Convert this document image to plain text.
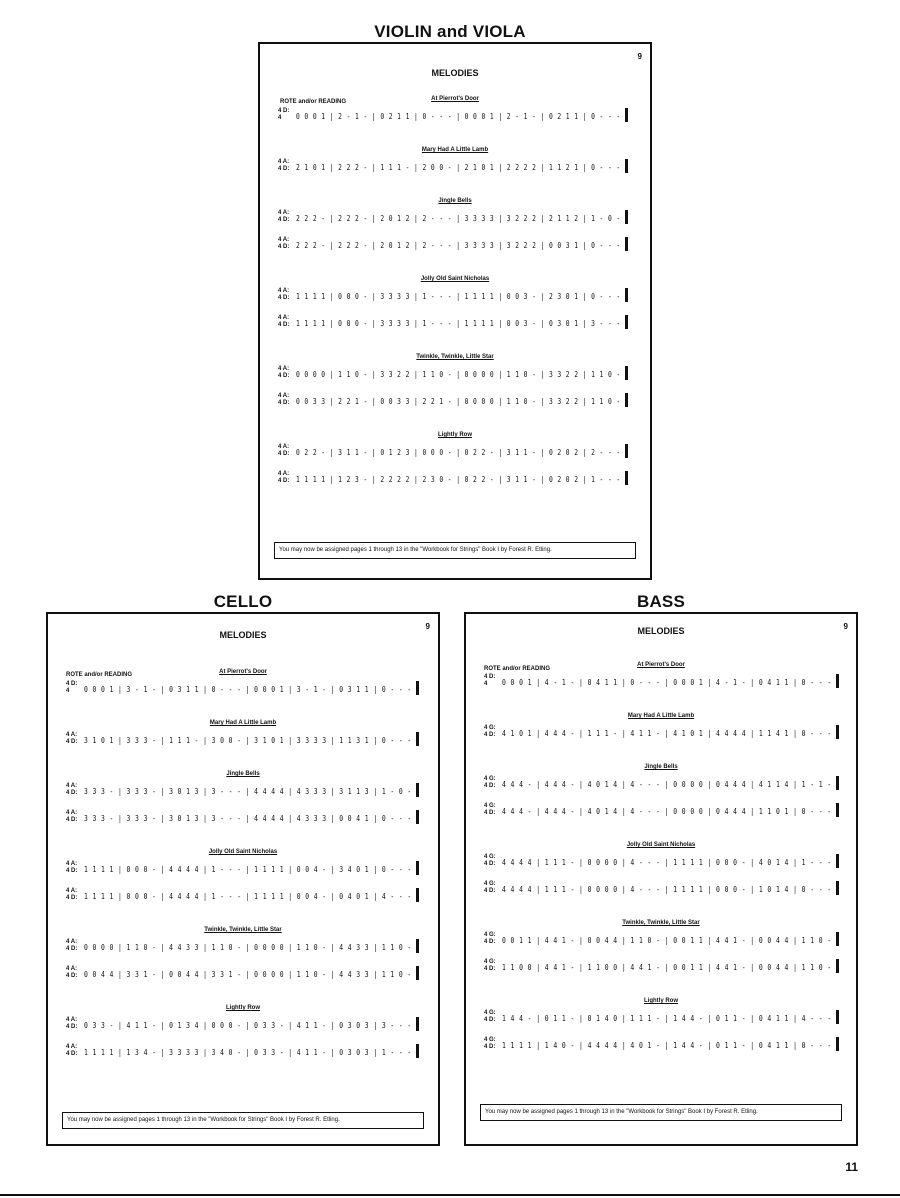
VIOLIN and VIOLA
9
MELODIES
ROTE and/or READING	At Pierrot's Door
4 D:
4	0 0 0 1 | 2 - 1 - | 0 2 1 1 | 0 - - - | 0 0 0 1 | 2 - 1 - | 0 2 1 1 | 0 - - -
Mary Had A Little Lamb
4 A:
4 D: 2 1 0 1 | 2 2 2 - | 1 1 1 - | 2 0 0 - | 2 1 0 1 | 2 2 2 2 | 1 1 2 1 | 0 - - -
Jingle Bells
4 A:
4 D: 2 2 2 - | 2 2 2 - | 2 0 1 2 | 2 - - - | 3 3 3 3 | 3 2 2 2 | 2 1 1 2 | 1 - 0 -
4 A:
4 D: 2 2 2 - | 2 2 2 - | 2 0 1 2 | 2 - - - | 3 3 3 3 | 3 2 2 2 | 0 0 3 1 | 0 - - -
Jolly Old Saint Nicholas
4 A:
4 D: 1 1 1 1 | 0 0 0 - | 3 3 3 3 | 1 - - - | 1 1 1 1 | 0 0 3 - | 2 3 0 1 | 0 - - -
4 A:
4 D: 1 1 1 1 | 0 0 0 - | 3 3 3 3 | 1 - - - | 1 1 1 1 | 0 0 3 - | 0 3 0 1 | 3 - - -
Twinkle, Twinkle, Little Star
4 A:
4 D: 0 0 0 0 | 1 1 0 - | 3 3 2 2 | 1 1 0 - | 0 0 0 0 | 1 1 0 - | 3 3 2 2 | 1 1 0 -
4 A:
4 D: 0 0 3 3 | 2 2 1 - | 0 0 3 3 | 2 2 1 - | 0 0 0 0 | 1 1 0 - | 3 3 2 2 | 1 1 0 -
Lightly Row
4 A:
4 D: 0 2 2 - | 3 1 1 - | 0 1 2 3 | 0 0 0 - | 0 2 2 - | 3 1 1 - | 0 2 0 2 | 2 - - -
4 A:
4 D: 1 1 1 1 | 1 2 3 - | 2 2 2 2 | 2 3 0 - | 0 2 2 - | 3 1 1 - | 0 2 0 2 | 1 - - -
You may now be assigned pages 1 through 13 in the "Workbook for Strings" Book I by Forest R. Etling.
CELLO
9
MELODIES
ROTE and/or READING	At Pierrot's Door
4 D:
4	0 0 0 1 | 3 - 1 - | 0 3 1 1 | 0 - - - | 0 0 0 1 | 3 - 1 - | 0 3 1 1 | 0 - - -
Mary Had A Little Lamb
4 A:
4 D: 3 1 0 1 | 3 3 3 - | 1 1 1 - | 3 0 0 - | 3 1 0 1 | 3 3 3 3 | 1 1 3 1 | 0 - - -
Jingle Bells
4 A:
4 D: 3 3 3 - | 3 3 3 - | 3 0 1 3 | 3 - - - | 4 4 4 4 | 4 3 3 3 | 3 1 1 3 | 1 - 0 -
4 A:
4 D: 3 3 3 - | 3 3 3 - | 3 0 1 3 | 3 - - - | 4 4 4 4 | 4 3 3 3 | 0 0 4 1 | 0 - - -
Jolly Old Saint Nicholas
4 A:
4 D: 1 1 1 1 | 0 0 0 - | 4 4 4 4 | 1 - - - | 1 1 1 1 | 0 0 4 - | 3 4 0 1 | 0 - - -
4 A:
4 D: 1 1 1 1 | 0 0 0 - | 4 4 4 4 | 1 - - - | 1 1 1 1 | 0 0 4 - | 0 4 0 1 | 4 - - -
Twinkle, Twinkle, Little Star
4 A:
4 D: 0 0 0 0 | 1 1 0 - | 4 4 3 3 | 1 1 0 - | 0 0 0 0 | 1 1 0 - | 4 4 3 3 | 1 1 0 -
4 A:
4 D: 0 0 4 4 | 3 3 1 - | 0 0 4 4 | 3 3 1 - | 0 0 0 0 | 1 1 0 - | 4 4 3 3 | 1 1 0 -
Lightly Row
4 A:
4 D: 0 3 3 - | 4 1 1 - | 0 1 3 4 | 0 0 0 - | 0 3 3 - | 4 1 1 - | 0 3 0 3 | 3 - - -
4 A:
4 D: 1 1 1 1 | 1 3 4 - | 3 3 3 3 | 3 4 0 - | 0 3 3 - | 4 1 1 - | 0 3 0 3 | 1 - - -
You may now be assigned pages 1 through 13 in the "Workbook for Strings" Book I by Forest R. Etling.
BASS
9
MELODIES
ROTE and/or READING
At Pierrot's Door
4 D:
4	0 0 0 1 | 4 - 1 - | 0 4 1 1 | 0 - - - | 0 0 0 1 | 4 - 1 - | 0 4 1 1 | 0 - - -
Mary Had A Little Lamb
4 G:
4 D: 4 1 0 1 | 4 4 4 - | 1 1 1 - | 4 1 1 - | 4 1 0 1 | 4 4 4 4 | 1 1 4 1 | 0 - - -
Jingle Bells
4 G:
4 D: 4 4 4 - | 4 4 4 - | 4 0 1 4 | 4 - - - | 0 0 0 0 | 0 4 4 4 | 4 1 1 4 | 1 - 1 -
4 G:
4 D: 4 4 4 - | 4 4 4 - | 4 0 1 4 | 4 - - - | 0 0 0 0 | 0 4 4 4 | 1 1 0 1 | 0 - - -
Jolly Old Saint Nicholas
4 G:
4 D: 4 4 4 4 | 1 1 1 - | 0 0 0 0 | 4 - - - | 1 1 1 1 | 0 0 0 - | 4 0 1 4 | 1 - - -
4 G:
4 D: 4 4 4 4 | 1 1 1 - | 0 0 0 0 | 4 - - - | 1 1 1 1 | 0 0 0 - | 1 0 1 4 | 0 - - -
Twinkle, Twinkle, Little Star
4 G:
4 D: 0 0 1 1 | 4 4 1 - | 0 0 4 4 | 1 1 0 - | 0 0 1 1 | 4 4 1 - | 0 0 4 4 | 1 1 0 -
4 G:
4 D: 1 1 0 0 | 4 4 1 - | 1 1 0 0 | 4 4 1 - | 0 0 1 1 | 4 4 1 - | 0 0 4 4 | 1 1 0 -
Lightly Row
4 G:
4 D: 1 4 4 - | 0 1 1 - | 0 1 4 0 | 1 1 1 - | 1 4 4 - | 0 1 1 - | 0 4 1 1 | 4 - - -
4 G:
4 D: 1 1 1 1 | 1 4 0 - | 4 4 4 4 | 4 0 1 - | 1 4 4 - | 0 1 1 - | 0 4 1 1 | 0 - - -
You may now be assigned pages 1 through 13 in the "Workbook for Strings" Book I by Forest R. Etling.
11
